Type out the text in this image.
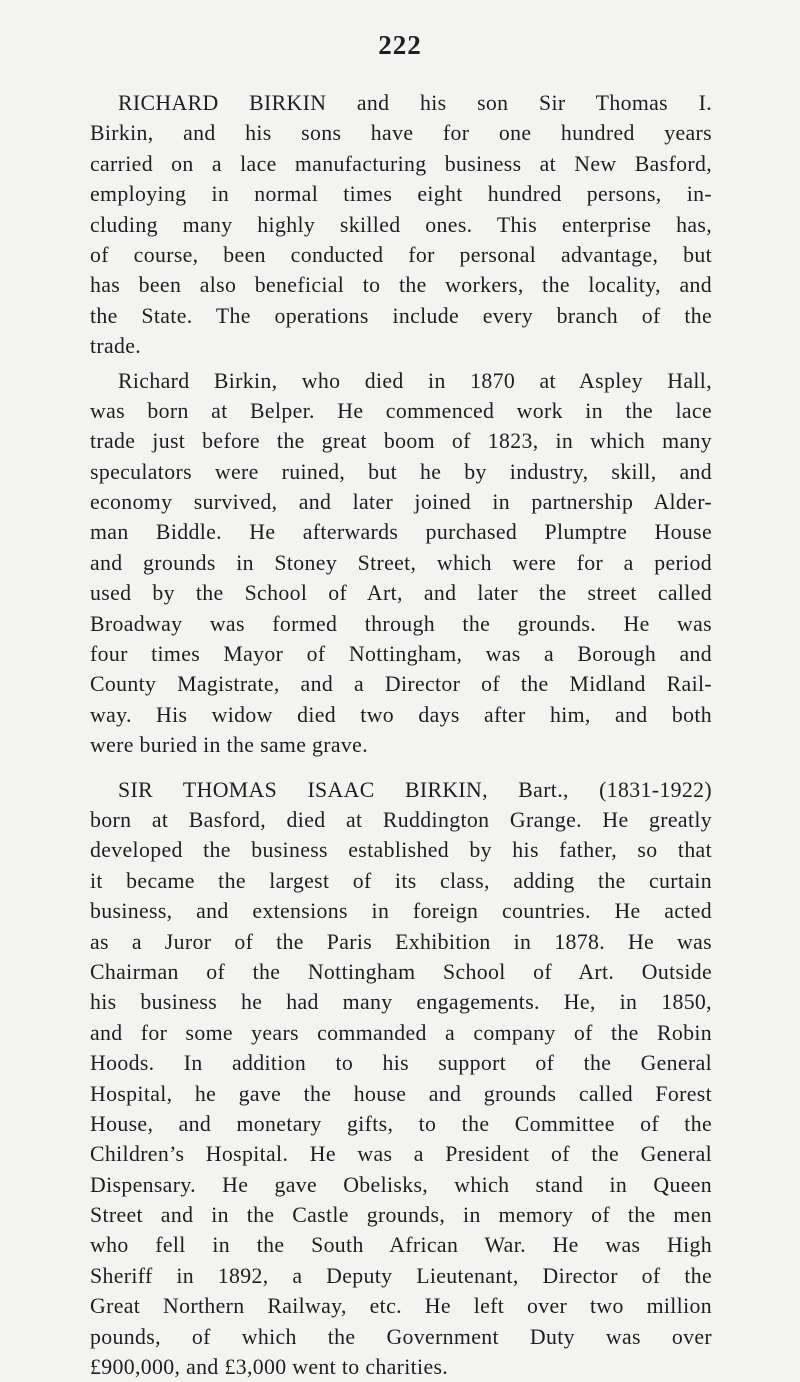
222
RICHARD BIRKIN and his son Sir Thomas I.
Birkin, and his sons have for one hundred years
carried on a lace manufacturing business at New Basford,
employing in normal times eight hundred persons, in-
cluding many highly skilled ones. This enterprise has,
of course, been conducted for personal advantage, but
has been also beneficial to the workers, the locality, and
the State. The operations include every branch of the
trade.
Richard Birkin, who died in 1870 at Aspley Hall,
was born at Belper. He commenced work in the lace
trade just before the great boom of 1823, in which many
speculators were ruined, but he by industry, skill, and
economy survived, and later joined in partnership Alder-
man Biddle. He afterwards purchased Plumptre House
and grounds in Stoney Street, which were for a period
used by the School of Art, and later the street called
Broadway was formed through the grounds. He was
four times Mayor of Nottingham, was a Borough and
County Magistrate, and a Director of the Midland Rail-
way. His widow died two days after him, and both
were buried in the same grave.
SIR THOMAS ISAAC BIRKIN, Bart., (1831-1922)
born at Basford, died at Ruddington Grange. He greatly
developed the business established by his father, so that
it became the largest of its class, adding the curtain
business, and extensions in foreign countries. He acted
as a Juror of the Paris Exhibition in 1878. He was
Chairman of the Nottingham School of Art. Outside
his business he had many engagements. He, in 1850,
and for some years commanded a company of the Robin
Hoods. In addition to his support of the General
Hospital, he gave the house and grounds called Forest
House, and monetary gifts, to the Committee of the
Children’s Hospital. He was a President of the General
Dispensary. He gave Obelisks, which stand in Queen
Street and in the Castle grounds, in memory of the men
who fell in the South African War. He was High
Sheriff in 1892, a Deputy Lieutenant, Director of the
Great Northern Railway, etc. He left over two million
pounds, of which the Government Duty was over
£900,000, and £3,000 went to charities.
